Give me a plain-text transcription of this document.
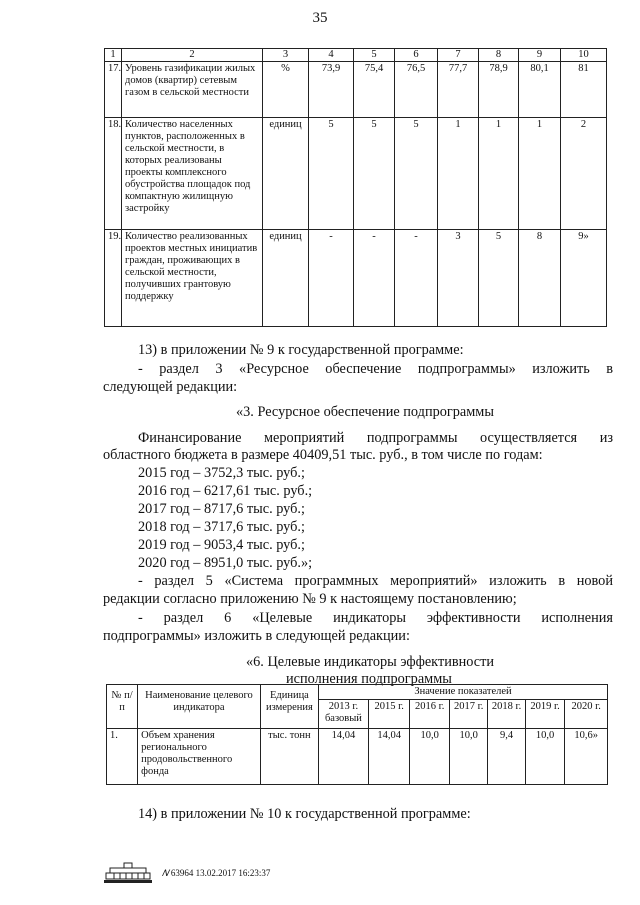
35
1	2	3	4	5	6	7	8	9	10
17.	Уровень газификации жилых домов (квартир) сетевым газом в сельской местности	%	73,9	75,4	76,5	77,7	78,9	80,1	81
18.	Количество населенных пунктов, расположенных в сельской местности, в которых реализованы проекты комплексного обустройства площадок под компактную жилищную застройку	единиц	5	5	5	1	1	1	2
19.	Количество реализованных проектов местных инициатив граждан, проживающих в сельской местности, получивших грантовую поддержку	единиц	-	-	-	3	5	8	9»

13) в приложении № 9 к государственной программе:

- раздел 3 «Ресурсное обеспечение подпрограммы» изложить в

следующей редакции:

«3. Ресурсное обеспечение подпрограммы

Финансирование мероприятий подпрограммы осуществляется из

областного бюджета в размере 40409,51 тыс. руб., в том числе по годам:

2015 год – 3752,3 тыс. руб.;

2016 год – 6217,61 тыс. руб.;

2017 год – 8717,6 тыс. руб.;

2018 год – 3717,6 тыс. руб.;

2019 год – 9053,4 тыс. руб.;

2020 год – 8951,0 тыс. руб.»;

- раздел 5 «Система программных мероприятий» изложить в новой

редакции согласно приложению № 9 к настоящему постановлению;

- раздел 6 «Целевые индикаторы эффективности исполнения

подпрограммы» изложить в следующей редакции:

«6. Целевые индикаторы эффективности

исполнения подпрограммы

№ п/п	Наименование целевого индикатора	Единица измерения	Значение показателей						
			2013 г. базовый	2015 г.	2016 г.	2017 г.	2018 г.	2019 г.	2020 г.
1.	Объем хранения регионального продовольственного фонда	тыс. тонн	14,04	14,04	10,0	10,0	9,4	10,0	10,6»

14) в приложении № 10 к государственной программе:

𝑁 63964 13.02.2017 16:23:37
